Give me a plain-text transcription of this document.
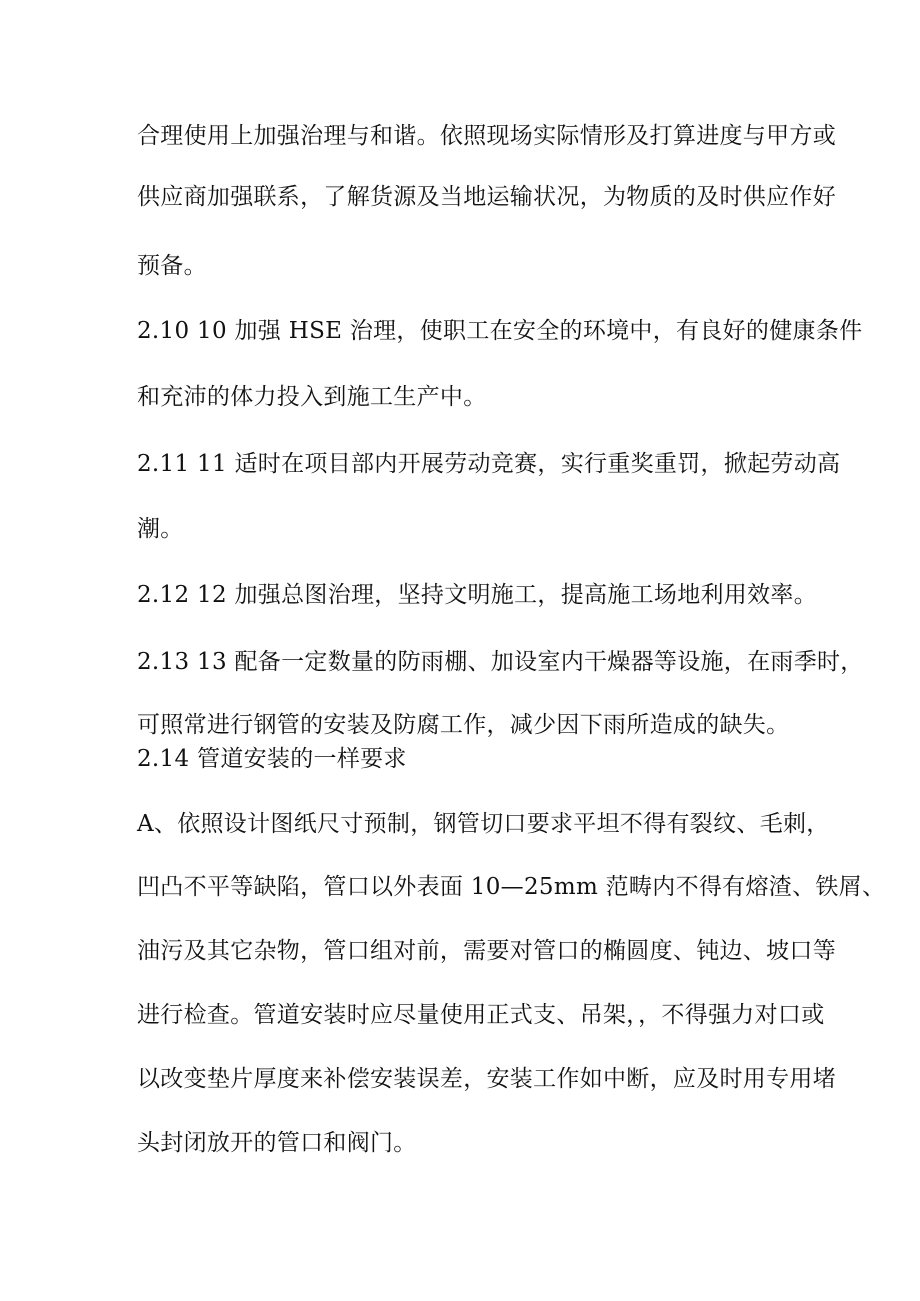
合理使用上加强治理与和谐。依照现场实际情形及打算进度与甲方或
供应商加强联系，了解货源及当地运输状况，为物质的及时供应作好
预备。
2.10 10 加强 HSE 治理，使职工在安全的环境中，有良好的健康条件
和充沛的体力投入到施工生产中。
2.11 11 适时在项目部内开展劳动竞赛，实行重奖重罚，掀起劳动高
潮。
2.12 12 加强总图治理，坚持文明施工，提高施工场地利用效率。
2.13 13 配备一定数量的防雨棚、加设室内干燥器等设施，在雨季时，
可照常进行钢管的安装及防腐工作，减少因下雨所造成的缺失。
2.14 管道安装的一样要求
A、依照设计图纸尺寸预制，钢管切口要求平坦不得有裂纹、毛刺，
凹凸不平等缺陷，管口以外表面 10—25mm 范畴内不得有熔渣、铁屑、
油污及其它杂物，管口组对前，需要对管口的椭圆度、钝边、坡口等
进行检查。管道安装时应尽量使用正式支、吊架，，不得强力对口或
以改变垫片厚度来补偿安装误差，安装工作如中断，应及时用专用堵
头封闭放开的管口和阀门。
